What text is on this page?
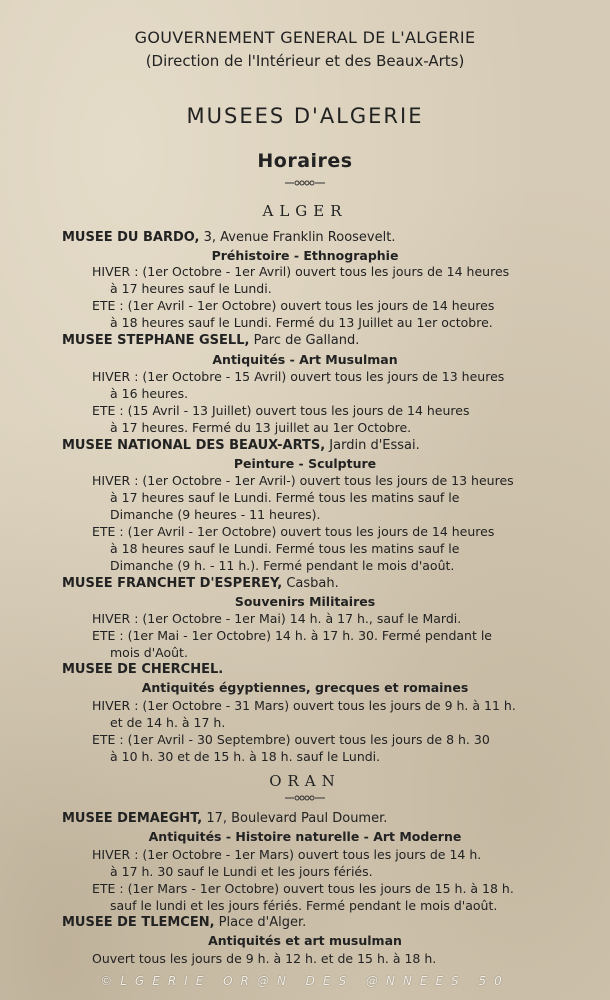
GOUVERNEMENT GENERAL DE L'ALGERIE
(Direction de l'Intérieur et des Beaux-Arts)
MUSEES D'ALGERIE
Horaires
ALGER
MUSEE DU BARDO, 3, Avenue Franklin Roosevelt.
Préhistoire - Ethnographie
HIVER : (1er Octobre - 1er Avril) ouvert tous les jours de 14 heures
à 17 heures sauf le Lundi.
ETE : (1er Avril - 1er Octobre) ouvert tous les jours de 14 heures
à 18 heures sauf le Lundi. Fermé du 13 Juillet au 1er octobre.
MUSEE STEPHANE GSELL, Parc de Galland.
Antiquités - Art Musulman
HIVER : (1er Octobre - 15 Avril) ouvert tous les jours de 13 heures
à 16 heures.
ETE : (15 Avril - 13 Juillet) ouvert tous les jours de 14 heures
à 17 heures. Fermé du 13 juillet au 1er Octobre.
MUSEE NATIONAL DES BEAUX-ARTS, Jardin d'Essai.
Peinture - Sculpture
HIVER : (1er Octobre - 1er Avril-) ouvert tous les jours de 13 heures
à 17 heures sauf le Lundi. Fermé tous les matins sauf le
Dimanche (9 heures - 11 heures).
ETE : (1er Avril - 1er Octobre) ouvert tous les jours de 14 heures
à 18 heures sauf le Lundi. Fermé tous les matins sauf le
Dimanche (9 h. - 11 h.). Fermé pendant le mois d'août.
MUSEE FRANCHET D'ESPEREY, Casbah.
Souvenirs Militaires
HIVER : (1er Octobre - 1er Mai) 14 h. à 17 h., sauf le Mardi.
ETE : (1er Mai - 1er Octobre) 14 h. à 17 h. 30. Fermé pendant le
mois d'Août.
MUSEE DE CHERCHEL.
Antiquités égyptiennes, grecques et romaines
HIVER : (1er Octobre - 31 Mars) ouvert tous les jours de 9 h. à 11 h.
et de 14 h. à 17 h.
ETE : (1er Avril - 30 Septembre) ouvert tous les jours de 8 h. 30
à 10 h. 30 et de 15 h. à 18 h. sauf le Lundi.
ORAN
MUSEE DEMAEGHT, 17, Boulevard Paul Doumer.
Antiquités - Histoire naturelle - Art Moderne
HIVER : (1er Octobre - 1er Mars) ouvert tous les jours de 14 h.
à 17 h. 30 sauf le Lundi et les jours fériés.
ETE : (1er Mars - 1er Octobre) ouvert tous les jours de 15 h. à 18 h.
sauf le lundi et les jours fériés. Fermé pendant le mois d'août.
MUSEE DE TLEMCEN, Place d'Alger.
Antiquités et art musulman
Ouvert tous les jours de 9 h. à 12 h. et de 15 h. à 18 h.
©LGERIE OR@N DES @NNEES 50
